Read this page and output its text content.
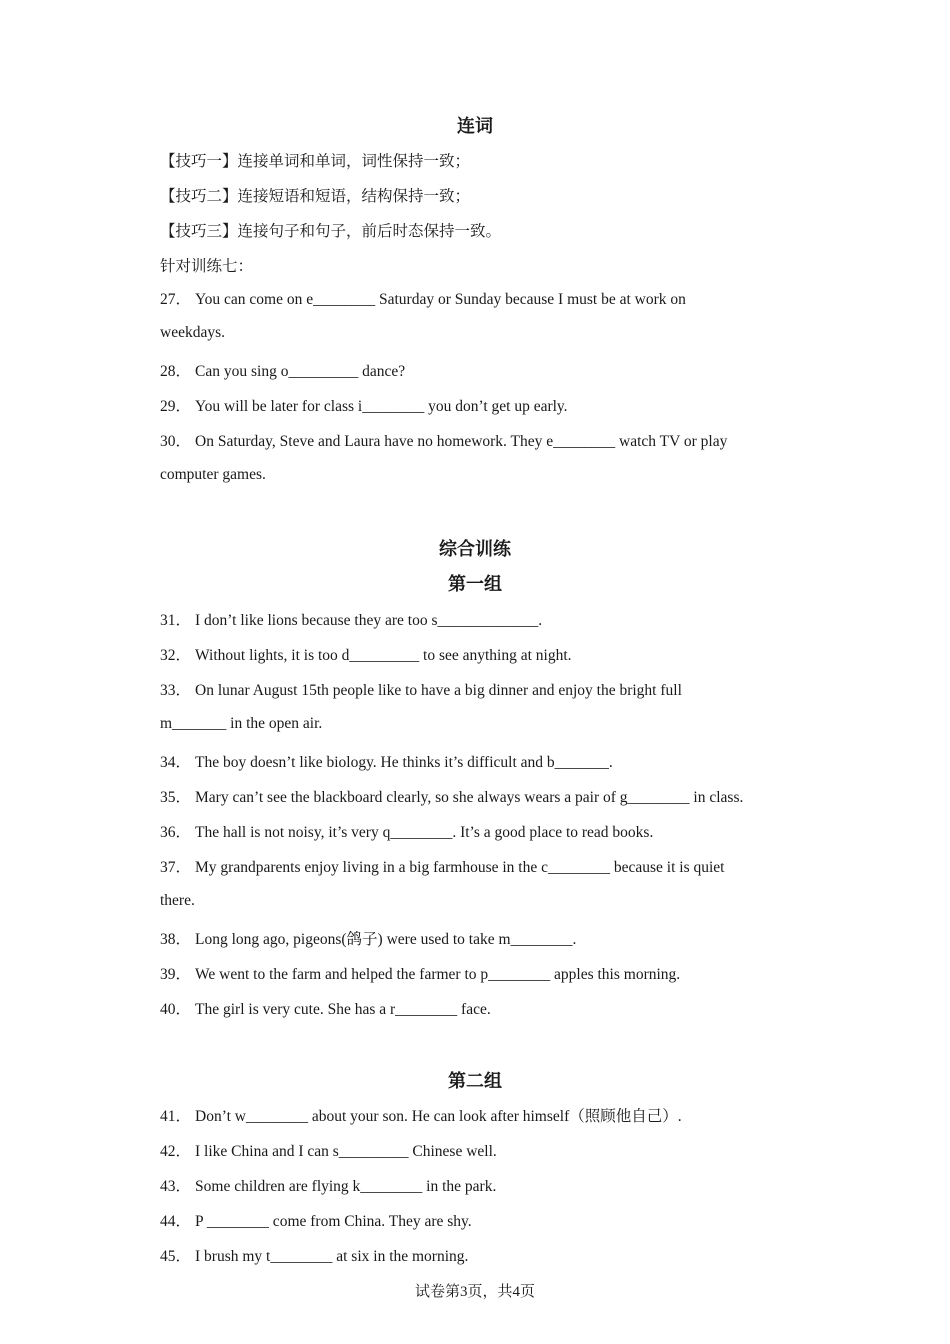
连词
【技巧一】连接单词和单词，词性保持一致；
【技巧二】连接短语和短语，结构保持一致；
【技巧三】连接句子和句子，前后时态保持一致。
针对训练七：
27． You can come on e________ Saturday or Sunday because I must be at work on
weekdays.
28． Can you sing o_________ dance?
29． You will be later for class i________ you don’t get up early.
30． On Saturday, Steve and Laura have no homework. They e________ watch TV or play
computer games.
综合训练
第一组
31． I don’t like lions because they are too s_____________.
32． Without lights, it is too d_________ to see anything at night.
33． On lunar August 15th people like to have a big dinner and enjoy the bright full
m_______ in the open air.
34． The boy doesn’t like biology. He thinks it’s difficult and b_______.
35． Mary can’t see the blackboard clearly, so she always wears a pair of g________ in class.
36． The hall is not noisy, it’s very q________. It’s a good place to read books.
37． My grandparents enjoy living in a big farmhouse in the c________ because it is quiet
there.
38． Long long ago, pigeons(鸽子) were used to take m________.
39． We went to the farm and helped the farmer to p________ apples this morning.
40． The girl is very cute. She has a r________ face.
第二组
41． Don’t w________ about your son. He can look after himself（照顾他自己）.
42． I like China and I can s_________ Chinese well.
43． Some children are flying k________ in the park.
44． P ________ come from China. They are shy.
45． I brush my t________ at six in the morning.
试卷第3页，共4页
